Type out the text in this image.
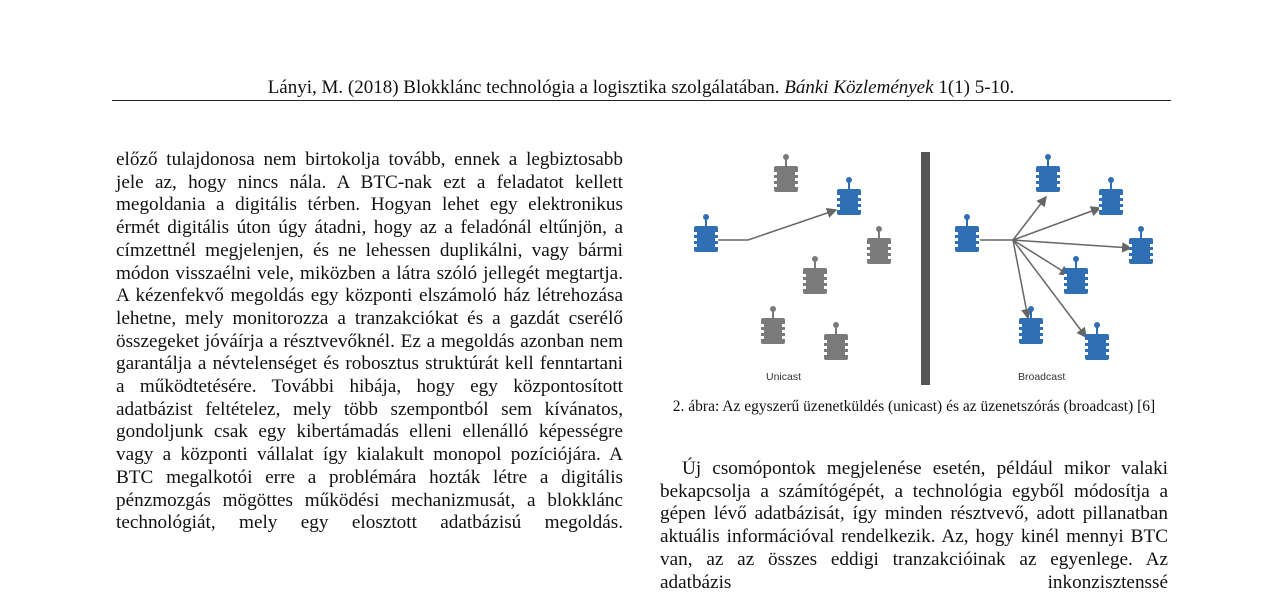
Lányi, M. (2018) Blokklánc technológia a logisztika szolgálatában. Bánki Közlemények 1(1) 5-10.

előző tulajdonosa nem birtokolja tovább, ennek a legbiztosabb jele az, hogy nincs nála. A BTC-nak ezt a feladatot kellett megoldania a digitális térben. Hogyan lehet egy elektronikus érmét digitális úton úgy átadni, hogy az a feladónál eltűnjön, a címzettnél megjelenjen, és ne lehessen duplikálni, vagy bármi módon visszaélni vele, miközben a látra szóló jellegét megtartja. A kézenfekvő megoldás egy központi elszámoló ház létrehozása lehetne, mely monitorozza a tranzakciókat és a gazdát cserélő összegeket jóváírja a résztvevőknél. Ez a megoldás azonban nem garantálja a névtelenséget és robosztus struktúrát kell fenntartani a működtetésére. További hibája, hogy egy központosított adatbázist feltételez, mely több szempontból sem kívánatos, gondoljunk csak egy kibertámadás elleni ellenálló képességre vagy a központi vállalat így kialakult monopol pozíciójára. A BTC megalkotói erre a problémára hozták létre a digitális pénzmozgás mögöttes működési mechanizmusát, a blokklánc technológiát, mely egy elosztott adatbázisú megoldás.

Unicast	Broadcast
2. ábra: Az egyszerű üzenetküldés (unicast) és az üzenetszórás (broadcast) [6]

Új csomópontok megjelenése esetén, például mikor valaki bekapcsolja a számítógépét, a technológia egyből módosítja a gépen lévő adatbázisát, így minden résztvevő, adott pillanatban aktuális információval rendelkezik. Az, hogy kinél mennyi BTC van, az az összes eddigi tranzakcióinak az egyenlege. Az adatbázis inkonzisztenssé
